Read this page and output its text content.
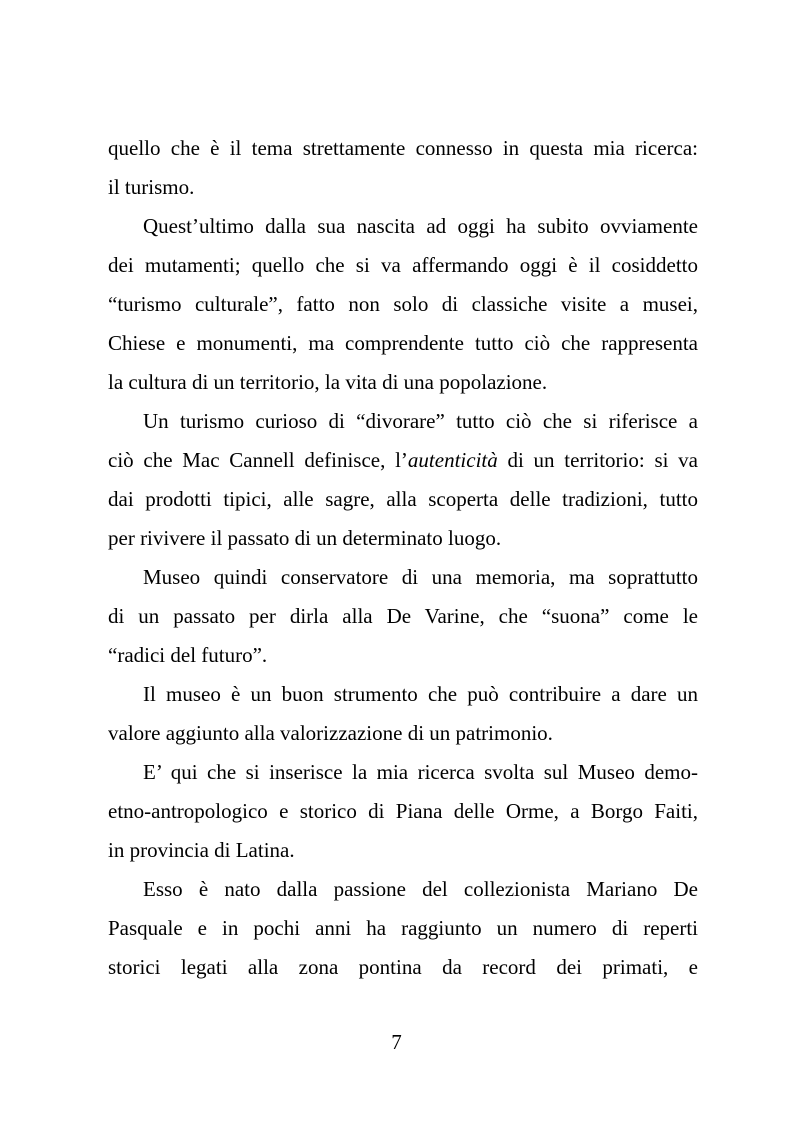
quello che è il tema strettamente connesso in questa mia ricerca:
il turismo.
Quest’ultimo dalla sua nascita ad oggi ha subito ovviamente
dei mutamenti; quello che si va affermando oggi è il cosiddetto
“turismo culturale”, fatto non solo di classiche visite a musei,
Chiese e monumenti, ma comprendente tutto ciò che rappresenta
la cultura di un territorio, la vita di una popolazione.
Un turismo curioso di “divorare” tutto ciò che si riferisce a
ciò che Mac Cannell definisce, l’autenticità di un territorio: si va
dai prodotti tipici, alle sagre, alla scoperta delle tradizioni, tutto
per rivivere il passato di un determinato luogo.
Museo quindi conservatore di una memoria, ma soprattutto
di un passato per dirla alla De Varine, che “suona” come le
“radici del futuro”.
Il museo è un buon strumento che può contribuire a dare un
valore aggiunto alla valorizzazione di un patrimonio.
E’ qui che si inserisce la mia ricerca svolta sul Museo demo-
etno-antropologico e storico di Piana delle Orme, a Borgo Faiti,
in provincia di Latina.
Esso è nato dalla passione del collezionista Mariano De
Pasquale e in pochi anni ha raggiunto un numero di reperti
storici legati alla zona pontina da record dei primati, e
7
